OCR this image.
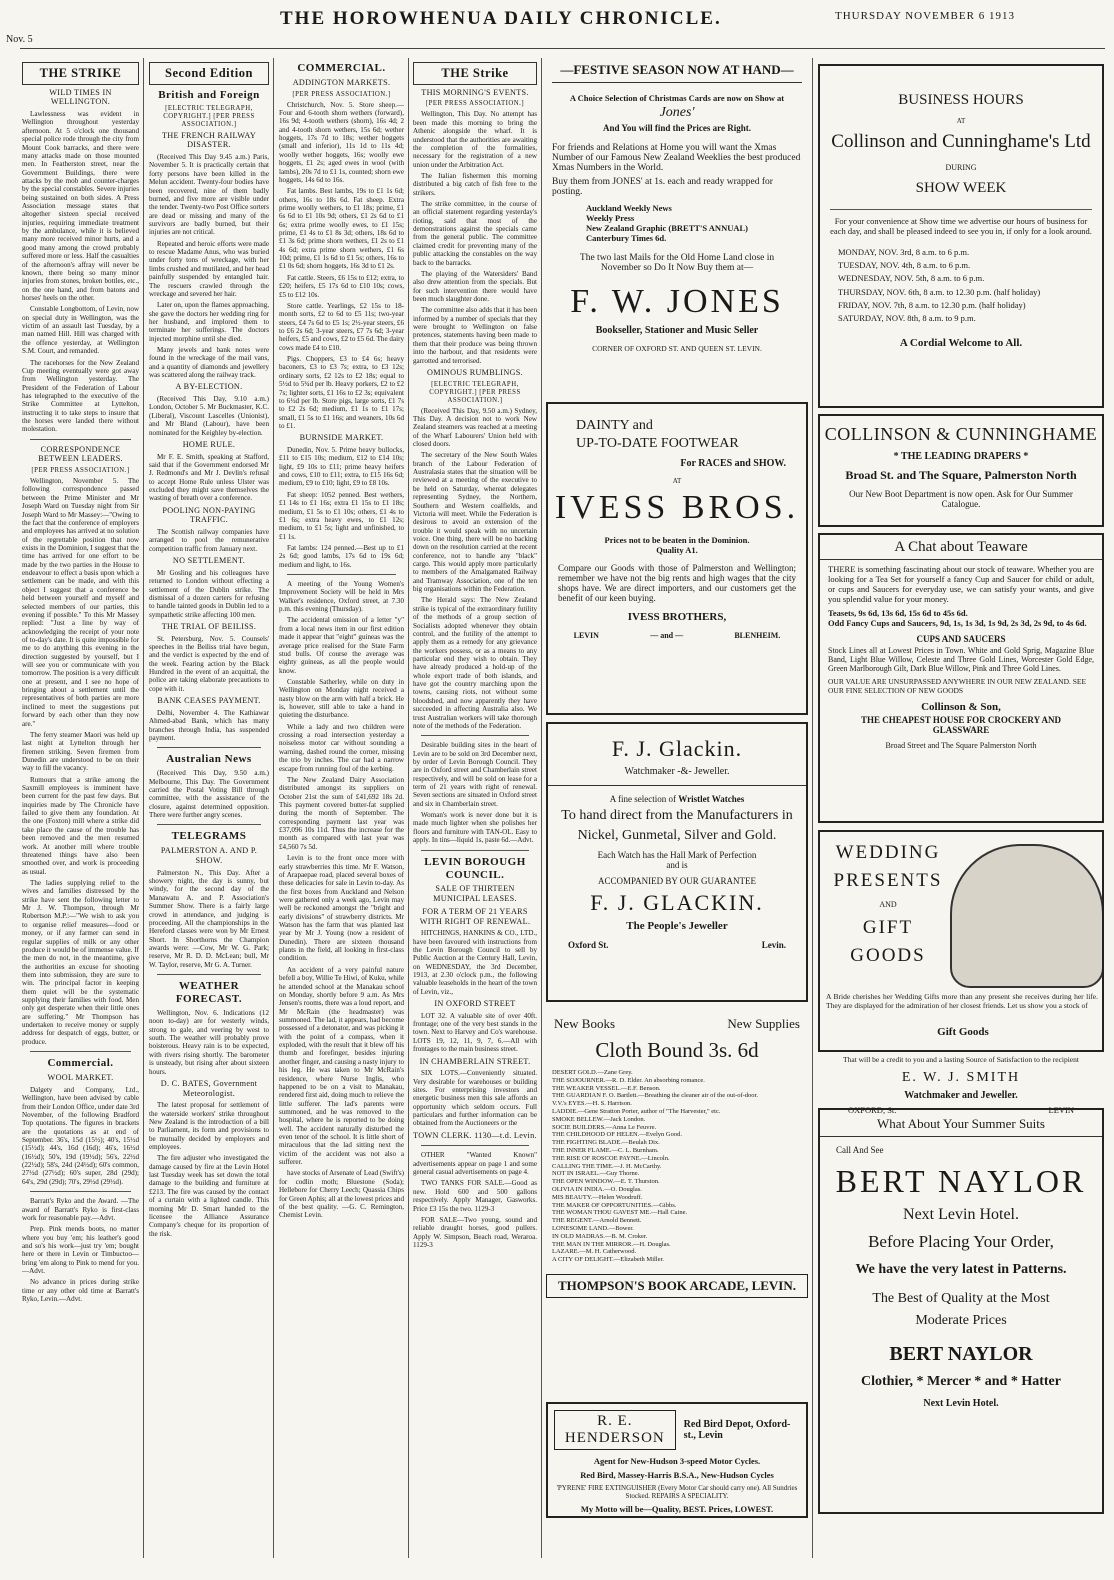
Nov. 5
THE HOROWHENUA DAILY CHRONICLE.	THURSDAY NOVEMBER 6 1913
THE STRIKE
WILD TIMES IN WELLINGTON.

Lawlessness was evident in Wellington throughout yesterday afternoon. At 5 o'clock one thousand special police rode through the city from Mount Cook barracks, and there were many attacks made on those mounted men. In Featherston street, near the Government Buildings, there were attacks by the mob and counter-charges by the special constables. Severe injuries being sustained on both sides. A Press Association message states that altogether sixteen special received injuries, requiring immediate treatment by the ambulance, while it is believed many more received minor hurts, and a good many among the crowd probably suffered more or less. Half the casualties of the afternoon's affray will never be known, there being so many minor injuries from stones, broken bottles, etc., on the one hand, and from batons and horses' heels on the other.

Constable Longbottom, of Levin, now on special duty in Wellington, was the victim of an assault last Tuesday, by a man named Hill. Hill was charged with the offence yesterday, at Wellington S.M. Court, and remanded.

The racehorses for the New Zealand Cup meeting eventually were got away from Wellington yesterday. The President of the Federation of Labour has telegraphed to the executive of the Strike Committee at Lyttelton, instructing it to take steps to insure that the horses were landed there without molestation.

CORRESPONDENCE BETWEEN LEADERS.
[PER PRESS ASSOCIATION.]

Wellington, November 5. The following correspondence passed between the Prime Minister and Mr Joseph Ward on Tuesday night from Sir Joseph Ward to Mr Massey:—"Owing to the fact that the conference of employers and employees has arrived at no solution of the regrettable position that now exists in the Dominion, I suggest that the time has arrived for one effort to be made by the two parties in the House to endeavour to effect a basis upon which a settlement can be made, and with this object I suggest that a conference be held between yourself and myself and selected members of our parties, this evening if possible." To this Mr Massey replied: "Just a line by way of acknowledging the receipt of your note of to-day's date. It is quite impossible for me to do anything this evening in the direction suggested by yourself, but I will see you or communicate with you tomorrow. The position is a very difficult one at present, and I see no hope of bringing about a settlement until the representatives of both parties are more inclined to meet the suggestions put forward by each other than they now are."

The ferry steamer Maori was held up last night at Lyttelton through her firemen striking. Seven firemen from Dunedin are understood to be on their way to fill the vacancy.

Rumours that a strike among the Saxmill employees is imminent have been current for the past few days. But inquiries made by The Chronicle have failed to give them any foundation. At the one (Foxton) mill where a strike did take place the cause of the trouble has been removed and the men resumed work. At another mill where trouble threatened things have also been smoothed over, and work is proceeding as usual.

The ladies supplying relief to the wives and families distressed by the strike have sent the following letter to Mr J. W. Thompson, through Mr Robertson M.P.:—"We wish to ask you to organise relief measures—food or money, or if any farmer can send in regular supplies of milk or any other produce it would be of immense value. If the men do not, in the meantime, give the authorities an excuse for shooting them into submission, they are sure to win. The principal factor in keeping them quiet will be the systematic supplying their families with food. Men only get desperate when their little ones are suffering." Mr Thompson has undertaken to receive money or supply address for despatch of eggs, butter, or produce.

Commercial.
WOOL MARKET.

Dalgety and Company, Ltd., Wellington, have been advised by cable from their London Office, under date 3rd November, of the following Bradford Top quotations. The figures in brackets are the quotations as at end of September. 36's, 15d (15½); 40's, 15½d (15½d); 44's, 16d (16d); 46's, 16½d (16½d); 50's, 19d (19½d); 56's, 22½d (22½d); 58's, 24d (24½d); 60's common, 27½d (27½d); 60's super, 28d (29d); 64's, 29d (29d); 70's, 29½d (29½d).

Barratt's Ryko and the Award. —The award of Barratt's Ryko is first-class work for reasonable pay.—Advt.

Prep. Pink mends boots, no matter where you buy 'em; his leather's good and so's his work—just try 'em; bought here or there in Levin or Timbuctoo—bring 'em along to Pink to mend for you.—Advt.

No advance in prices during strike time or any other old time at Barratt's Ryko, Levin.—Advt.

Second Edition
British and Foreign
[ELECTRIC TELEGRAPH, COPYRIGHT.] [PER PRESS ASSOCIATION.]
THE FRENCH RAILWAY DISASTER.

(Received This Day 9.45 a.m.) Paris, November 5. It is practically certain that forty persons have been killed in the Melun accident. Twenty-four bodies have been recovered, nine of them badly burned, and five more are visible under the tender. Twenty-two Post Office sorters are dead or missing and many of the survivors are badly burned, but their injuries are not critical.

Repeated and heroic efforts were made to rescue Madame Anus, who was buried under forty tons of wreckage, with her limbs crushed and mutilated, and her head painfully suspended by entangled hair. The rescuers crawled through the wreckage and severed her hair.

Later on, upon the flames approaching, she gave the doctors her wedding ring for her husband, and implored them to terminate her sufferings. The doctors injected morphine until she died.

Many jewels and bank notes were found in the wreckage of the mail vans, and a quantity of diamonds and jewellery was scattered along the railway track.

A BY-ELECTION.

(Received This Day, 9.10 a.m.) London, October 5. Mr Buckmaster, K.C. (Liberal), Viscount Lascelles (Unionist), and Mr Bland (Labour), have been nominated for the Keighley by-election.

HOME RULE.

Mr F. E. Smith, speaking at Stafford, said that if the Government endorsed Mr J. Redmond's and Mr J. Devlin's refusal to accept Home Rule unless Ulster was excluded they might save themselves the wasting of breath over a conference.

POOLING NON-PAYING TRAFFIC.

The Scottish railway companies have arranged to pool the remunerative competition traffic from January next.

NO SETTLEMENT.

Mr Gosling and his colleagues have returned to London without effecting a settlement of the Dublin strike. The dismissal of a dozen carters for refusing to handle tainted goods in Dublin led to a sympathetic strike affecting 100 men.

THE TRIAL OF BEILISS.

St. Petersburg, Nov. 5. Counsels' speeches in the Beiliss trial have begun, and the verdict is expected by the end of the week. Fearing action by the Black Hundred in the event of an acquittal, the police are taking elaborate precautions to cope with it.

BANK CEASES PAYMENT.

Delhi, November 4. The Kathiawar Ahmed-abad Bank, which has many branches through India, has suspended payment.

Australian News

(Received This Day, 9.50 a.m.) Melbourne, This Day. The Government carried the Postal Voting Bill through committee, with the assistance of the closure, against determined opposition. There were further angry scenes.

TELEGRAMS
PALMERSTON A. AND P. SHOW.

Palmerston N., This Day. After a showery night, the day is sunny, but windy, for the second day of the Manawatu A. and P. Association's Summer Show. There is a fairly large crowd in attendance, and judging is proceeding. All the championships in the Hereford classes were won by Mr Ernest Short. In Shorthorns the Champion awards were: —Cow, Mr W. G. Park; reserve, Mr R. D. D. McLean; bull, Mr W. Taylor, reserve, Mr G. A. Turner.

WEATHER FORECAST.

Wellington, Nov. 6. Indications (12 noon to-day) are for westerly winds, strong to gale, and veering by west to south. The weather will probably prove boisterous. Heavy rain is to be expected, with rivers rising shortly. The barometer is unsteady, but rising after about sixteen hours.

D. C. BATES, Government Meteorologist.

The latest proposal for settlement of the waterside workers' strike throughout New Zealand is the introduction of a bill to Parliament, its form and provisions to be mutually decided by employers and employees.

The fire adjuster who investigated the damage caused by fire at the Levin Hotel last Tuesday week has set down the total damage to the building and furniture at £213. The fire was caused by the contact of a curtain with a lighted candle. This morning Mr D. Smart handed to the licensee the Alliance Assurance Company's cheque for its proportion of the risk.

COMMERCIAL.
ADDINGTON MARKETS.
[PER PRESS ASSOCIATION.]

Christchurch, Nov. 5. Store sheep.—Four and 6-tooth shorn wethers (forward), 16s 9d; 4-tooth wethers (shorn), 16s 4d; 2 and 4-tooth shorn wethers, 15s 6d; wether hoggets, 17s 7d to 18s; wether hoggets (small and inferior), 11s 1d to 11s 4d; woolly wether hoggets, 16s; woolly ewe hoggets, £1 2s; aged ewes in wool (with lambs), 20s 7d to £1 1s, counted; shorn ewe hoggets, 14s 6d to 16s.

Fat lambs. Best lambs, 19s to £1 1s 6d; others, 16s to 18s 6d. Fat sheep. Extra prime woolly wethers, to £1 18s; prime, £1 6s 6d to £1 10s 9d; others, £1 2s 6d to £1 6s; extra prime woolly ewes, to £1 15s; prime, £1 4s to £1 8s 3d; others, 18s 6d to £1 3s 6d; prime shorn wethers, £1 2s to £1 4s 6d; extra prime shorn wethers, £1 6s 10d; prime, £1 1s 6d to £1 5s; others, 16s to £1 0s 6d; shorn hoggets, 16s 3d to £1 2s.

Fat cattle. Steers, £6 15s to £12; extra, to £20; heifers, £5 17s 6d to £10 10s; cows, £5 to £12 10s.

Store cattle. Yearlings, £2 15s to 18-month sorts, £2 to 6d to £5 11s; two-year steers, £4 7s 6d to £5 1s; 2½-year steers, £6 to £6 2s 6d; 3-year steers, £7 7s 6d; 3-year heifers, £5 and cows, £2 to £5 6d. The dairy cows made £4 to £10.

Pigs. Choppers, £3 to £4 6s; heavy baconers, £3 to £3 7s; extra, to £3 12s; ordinary sorts, £2 12s to £2 18s; equal to 5½d to 5¾d per lb. Heavy porkers, £2 to £2 7s; lighter sorts, £1 16s to £2 3s; equivalent to 6½d per lb. Store pigs, large sorts, £1 7s to £2 2s 6d; medium, £1 1s to £1 17s; small, £1 5s to £1 16s; and weaners, 10s 6d to £1.

BURNSIDE MARKET.

Dunedin, Nov. 5. Prime heavy bullocks, £11 to £15 10s; medium, £12 to £14 10s; light, £9 10s to £11; prime heavy heifers and cows, £10 to £11; extra, to £15 16s 6d; medium, £9 to £10; light, £9 to £8 10s.

Fat sheep: 1052 penned. Best wethers, £1 14s to £1 16s; extra £1 15s to £1 18s; medium, £1 5s to £1 10s; others, £1 4s to £1 6s; extra heavy ewes, to £1 12s; medium, to £1 5s; light and unfinished, to £1 1s.

Fat lambs: 124 penned.—Best up to £1 2s 6d; good lambs, 17s 6d to 19s 6d; medium and light, to 16s.

A meeting of the Young Women's Improvement Society will be held in Mrs Walker's residence, Oxford street, at 7.30 p.m. this evening (Thursday).

The accidental omission of a letter "y" from a local news item in our first edition made it appear that "eight" guineas was the average price realised for the State Farm stud bulls. Of course the average was eighty guineas, as all the people would know.

Constable Satherley, while on duty in Wellington on Monday night received a nasty blow on the arm with half a brick. He is, however, still able to take a hand in quieting the disturbance.

While a lady and two children were crossing a road intersection yesterday a noiseless motor car without sounding a warning, dashed round the corner, missing the trio by inches. The car had a narrow escape from running foul of the kerbing.

The New Zealand Dairy Association distributed amongst its suppliers on October 21st the sum of £41,692 18s 2d. This payment covered butter-fat supplied during the month of September. The corresponding payment last year was £37,096 10s 11d. Thus the increase for the month as compared with last year was £4,560 7s 5d.

Levin is to the front once more with early strawberries this time. Mr F. Watson, of Arapaepae road, placed several boxes of these delicacies for sale in Levin to-day. As the first boxes from Auckland and Nelson were gathered only a week ago, Levin may well be reckoned amongst the "bright and early divisions" of strawberry districts. Mr Watson has the farm that was planted last year by Mr J. Young (now a resident of Dunedin). There are sixteen thousand plants in the field, all looking in first-class condition.

An accident of a very painful nature befell a boy, Willie Te Hiwi, of Kuku, while he attended school at the Manakau school on Monday, shortly before 9 a.m. As Mrs Jensen's rooms, there was a loud report, and Mr McRain (the headmaster) was summoned. The lad, it appears, had become possessed of a detonator, and was picking it with the point of a compass, when it exploded, with the result that it blew off his thumb and forefinger, besides injuring another finger, and causing a nasty injury to his leg. He was taken to Mr McRain's residence, where Nurse Inglis, who happened to be on a visit to Manakau, rendered first aid, doing much to relieve the little sufferer. The lad's parents were summoned, and he was removed to the hospital, where he is reported to be doing well. The accident naturally disturbed the even tenor of the school. It is little short of miraculous that the lad sitting next the victim of the accident was not also a sufferer.

have stocks of Arsenate of Lead (Swift's) for codlin moth; Bluestone (Soda); Hellebore for Cherry Leech; Quassia Chips for Green Aphis; all at the lowest prices and of the best quality. —G. C. Remington, Chemist Levin.

THE Strike
THIS MORNING'S EVENTS.
[PER PRESS ASSOCIATION.]

Wellington, This Day. No attempt has been made this morning to bring the Athenic alongside the wharf. It is understood that the authorities are awaiting the completion of the formalities, necessary for the registration of a new union under the Arbitration Act.

The Italian fishermen this morning distributed a big catch of fish free to the strikers.

The strike committee, in the course of an official statement regarding yesterday's rioting, said that most of the demonstrations against the specials came from the general public. The committee claimed credit for preventing many of the public attacking the constables on the way back to the barracks.

The playing of the Watersiders' Band also drew attention from the specials. But for such intervention there would have been much slaughter done.

The committee also adds that it has been informed by a number of specials that they were brought to Wellington on false pretences, statements having been made to them that their produce was being thrown into the harbour, and that residents were garrotted and terrorised.

OMINOUS RUMBLINGS.
[ELECTRIC TELEGRAPH, COPYRIGHT.] [PER PRESS ASSOCIATION.]

(Received This Day, 9.50 a.m.) Sydney, This Day. A decision not to work New Zealand steamers was reached at a meeting of the Wharf Labourers' Union held with closed doors.

The secretary of the New South Wales branch of the Labour Federation of Australasia states that the situation will be reviewed at a meeting of the executive to be held on Saturday, whereat delegates representing Sydney, the Northern, Southern and Western coalfields, and Victoria will meet. While the Federation is desirous to avoid an extension of the trouble it would speak with no uncertain voice. One thing, there will be no backing down on the resolution carried at the recent conference, not to handle any "black" cargo. This would apply more particularly to members of the Amalgamated Railway and Tramway Association, one of the ten big organisations within the Federation.

The Herald says: The New Zealand strike is typical of the extraordinary futility of the methods of a group section of Socialists adopted whenever they obtain control, and the futility of the attempt to apply them as a remedy for any grievance the workers possess, or as a means to any particular end they wish to obtain. They have already produced a hold-up of the whole export trade of both islands, and have got the country marching upon the towns, causing riots, not without some bloodshed, and now apparently they have succeeded in affecting Australia also. We trust Australian workers will take thorough note of the methods of the Federation.

Desirable building sites in the heart of Levin are to be sold on 3rd December next, by order of Levin Borough Council. They are in Oxford street and Chamberlain street respectively, and will be sold on lease for a term of 21 years with right of renewal. Seven sections are situated in Oxford street and six in Chamberlain street.

Woman's work is never done but it is made much lighter when she polishes her floors and furniture with TAN-OL. Easy to apply. In tins—liquid 1s, paste 6d.—Advt.

LEVIN BOROUGH COUNCIL.
SALE OF THIRTEEN MUNICIPAL LEASES.
FOR A TERM OF 21 YEARS WITH RIGHT OF RENEWAL.

HITCHINGS, HANKINS & CO., LTD., have been favoured with instructions from the Levin Borough Council to sell by Public Auction at the Century Hall, Levin, on WEDNESDAY, the 3rd December, 1913, at 2.30 o'clock p.m., the following valuable leaseholds in the heart of the town of Levin, viz.,

IN OXFORD STREET

LOT 32. A valuable site of over 40ft. frontage; one of the very best stands in the town. Next to Harvey and Co's warehouse. LOTS 19, 12, 11, 9, 7, 6.—All with frontages to the main business street.

IN CHAMBERLAIN STREET.

SIX LOTS.—Conveniently situated. Very desirable for warehouses or building sites. For enterprising investors and energetic business men this sale affords an opportunity which seldom occurs. Full particulars and further information can be obtained from the Auctioneers or the

TOWN CLERK. 1130—t.d. Levin.

OTHER "Wanted Known" advertisements appear on page 1 and some general casual advertisements on page 4.

TWO TANKS FOR SALE.—Good as new. Hold 600 and 500 gallons respectively. Apply Manager, Gasworks. Price £3 15s the two. 1129-3

FOR SALE—Two young, sound and reliable draught horses, good pullers. Apply W. Simpson, Beach road, Weraroa. 1129-3

—FESTIVE SEASON NOW AT HAND—
A Choice Selection of Christmas Cards are now on Show at
Jones'
And You will find the Prices are Right.
For friends and Relations at Home you will want the Xmas Number of our Famous New Zealand Weeklies the best produced Xmas Numbers in the World.
Buy them from JONES' at 1s. each and ready wrapped for posting.
Auckland Weekly News
Weekly Press
New Zealand Graphic (BRETT'S ANNUAL)
Canterbury Times 6d.
The two last Mails for the Old Home Land close in November so Do It Now Buy them at—
F. W. JONES
Bookseller, Stationer and Music Seller
CORNER OF OXFORD ST. AND QUEEN ST. LEVIN.
BUSINESS HOURS
AT
Collinson and Cunninghame's Ltd
DURING
SHOW WEEK
For your convenience at Show time we advertise our hours of business for each day, and shall be pleased indeed to see you in, if only for a look around.
MONDAY, NOV. 3rd, 8 a.m. to 6 p.m.
TUESDAY, NOV. 4th, 8 a.m. to 6 p.m.
WEDNESDAY, NOV. 5th, 8 a.m. to 6 p.m.
THURSDAY, NOV. 6th, 8 a.m. to 12.30 p.m. (half holiday)
FRIDAY, NOV. 7th, 8 a.m. to 12.30 p.m. (half holiday)
SATURDAY, NOV. 8th, 8 a.m. to 9 p.m.
A Cordial Welcome to All.
COLLINSON & CUNNINGHAME
* THE LEADING DRAPERS *
Broad St. and The Square, Palmerston North
Our New Boot Department is now open. Ask for Our Summer Catalogue.
DAINTY and
UP-TO-DATE FOOTWEAR
For RACES and SHOW.
AT
IVESS BROS.
Prices not to be beaten in the Dominion.
Quality A1.
Compare our Goods with those of Palmerston and Wellington; remember we have not the big rents and high wages that the city shops have. We are direct importers, and our customers get the benefit of our keen buying.
IVESS BROTHERS,
LEVIN	— and —	BLENHEIM.
A Chat about Teaware
THERE is something fascinating about our stock of teaware. Whether you are looking for a Tea Set for yourself a fancy Cup and Saucer for child or adult, or cups and Saucers for everyday use, we can satisfy your wants, and give you splendid value for your money.
Teasets, 9s 6d, 13s 6d, 15s 6d to 45s 6d.
Odd Fancy Cups and Saucers, 9d, 1s, 1s 3d, 1s 9d, 2s 3d, 2s 9d, to 4s 6d.
CUPS AND SAUCERS
Stock Lines all at Lowest Prices in Town. White and Gold Sprig, Magazine Blue Band, Light Blue Willow, Celeste and Three Gold Lines, Worcester Gold Edge, Green Marlborough Gilt, Dark Blue Willow, Pink and Three Gold Lines.
OUR VALUE ARE UNSURPASSED ANYWHERE IN OUR NEW ZEALAND. SEE OUR FINE SELECTION OF NEW GOODS
Collinson & Son,
THE CHEAPEST HOUSE FOR CROCKERY AND GLASSWARE
Broad Street and The Square Palmerston North
F. J. Glackin.
Watchmaker -&- Jeweller.
A fine selection of Wristlet Watches
To hand direct from the Manufacturers in
Nickel, Gunmetal, Silver and Gold.
Each Watch has the Hall Mark of Perfection
and is
ACCOMPANIED BY OUR GUARANTEE
F. J. GLACKIN.
The People's Jeweller
Oxford St.	Levin.
WEDDING
PRESENTS
AND
GIFT
GOODS
A Bride cherishes her Wedding Gifts more than any present she receives during her life. They are displayed for the admiration of her closest friends. Let us show you a stock of
Gift Goods
That will be a credit to you and a lasting Source of Satisfaction to the recipient
E. W. J. SMITH
Watchmaker and Jeweller.
OXFORD, St.	LEVIN
New Books	New Supplies
Cloth Bound 3s. 6d
DESERT GOLD.—Zane Grey.
THE SOJOURNER.—R. D. Elder. An absorbing romance.
THE WEAKER VESSEL.—E.F. Benson.
THE GUARDIAN F. O. Bartlett.—Breathing the cleaner air of the out-of-door.
V.V.'s EYES.—H. S. Harrison.
LADDIE.—Gene Stratton Porter, author of "The Harvester," etc.
SMOKE BELLEW.—Jack London.
SOCIE BUILDERS.—Anna Le Feuvre.
THE CHILDHOOD OF HELEN.—Evelyn Good.
THE FIGHTING BLADE.—Beulah Dix.
THE INNER FLAME.—C. L. Burnham.
THE RISE OF ROSCOE PAYNE.—Lincoln.
CALLING THE TIME.—J. H. McCarthy.
NOT IN ISRAEL.—Guy Thorne.
THE OPEN WINDOW.—E. T. Thurston.
OLIVIA IN INDIA.—O. Douglas.
MIS BEAUTY.—Helen Woodruff.
THE MAKER OF OPPORTUNITIES.—Gibbs.
THE WOMAN THOU GAVEST ME.—Hall Caine.
THE REGENT.—Arnold Bennett.
LONESOME LAND.—Bower.
IN OLD MADRAS.—B. M. Croker.
THE MAN IN THE MIRROR.—H. Douglas.
LAZARE.—M. H. Catherwood.
A CITY OF DELIGHT.—Elizabeth Miller.
THOMPSON'S BOOK ARCADE, LEVIN.
What About Your Summer Suits
Call And See
BERT NAYLOR
Next Levin Hotel.
Before Placing Your Order,
We have the very latest in Patterns.
The Best of Quality at the Most Moderate Prices
BERT NAYLOR
Clothier, * Mercer * and * Hatter
Next Levin Hotel.
R. E. HENDERSON
Red Bird Depot, Oxford-st., Levin
Agent for New-Hudson 3-speed Motor Cycles.
Red Bird, Massey-Harris B.S.A., New-Hudson Cycles
'PYRENE' FIRE EXTINGUISHER (Every Motor Car should carry one). All Sundries Stocked. REPAIRS A SPECIALITY.
My Motto will be—Quality, BEST. Prices, LOWEST.
